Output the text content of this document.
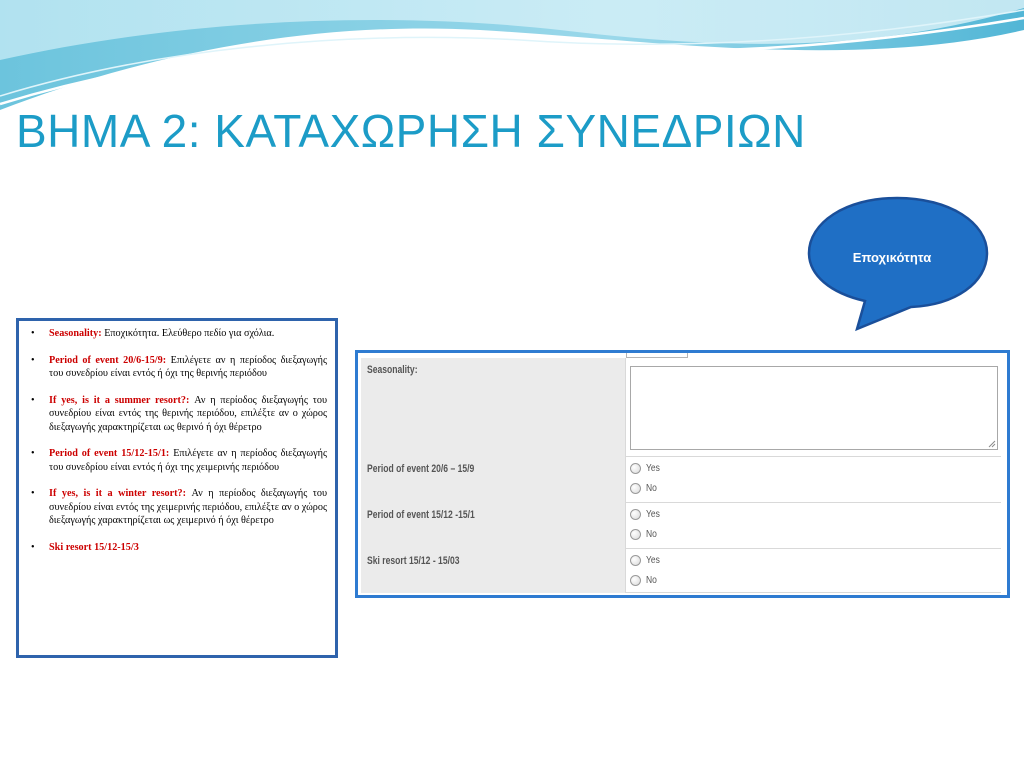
ΒΗΜΑ 2: ΚΑΤΑΧΩΡΗΣΗ ΣΥΝΕΔΡΙΩΝ
Εποχικότητα
• Seasonality: Εποχικότητα. Ελεύθερο πεδίο για σχόλια.
• Period of event 20/6-15/9: Επιλέγετε αν η περίοδος διεξαγωγής του συνεδρίου είναι εντός ή όχι της θερινής περιόδου
• If yes, is it a summer resort?: Αν η περίοδος διεξαγωγής του συνεδρίου είναι εντός της θερινής περιόδου, επιλέξτε αν ο χώρος διεξαγωγής χαρακτηρίζεται ως θερινό ή όχι θέρετρο
• Period of event 15/12-15/1: Επιλέγετε αν η περίοδος διεξαγωγής του συνεδρίου είναι εντός ή όχι της χειμερινής περιόδου
• If yes, is it a winter resort?: Αν η περίοδος διεξαγωγής του συνεδρίου είναι εντός της χειμερινής περιόδου, επιλέξτε αν ο χώρος διεξαγωγής χαρακτηρίζεται ως χειμερινό ή όχι θέρετρο
• Ski resort 15/12-15/3
Seasonality:
Period of event 20/6 – 15/9	Yes
No
Period of event 15/12 -15/1	Yes
No
Ski resort 15/12 - 15/03	Yes
No
